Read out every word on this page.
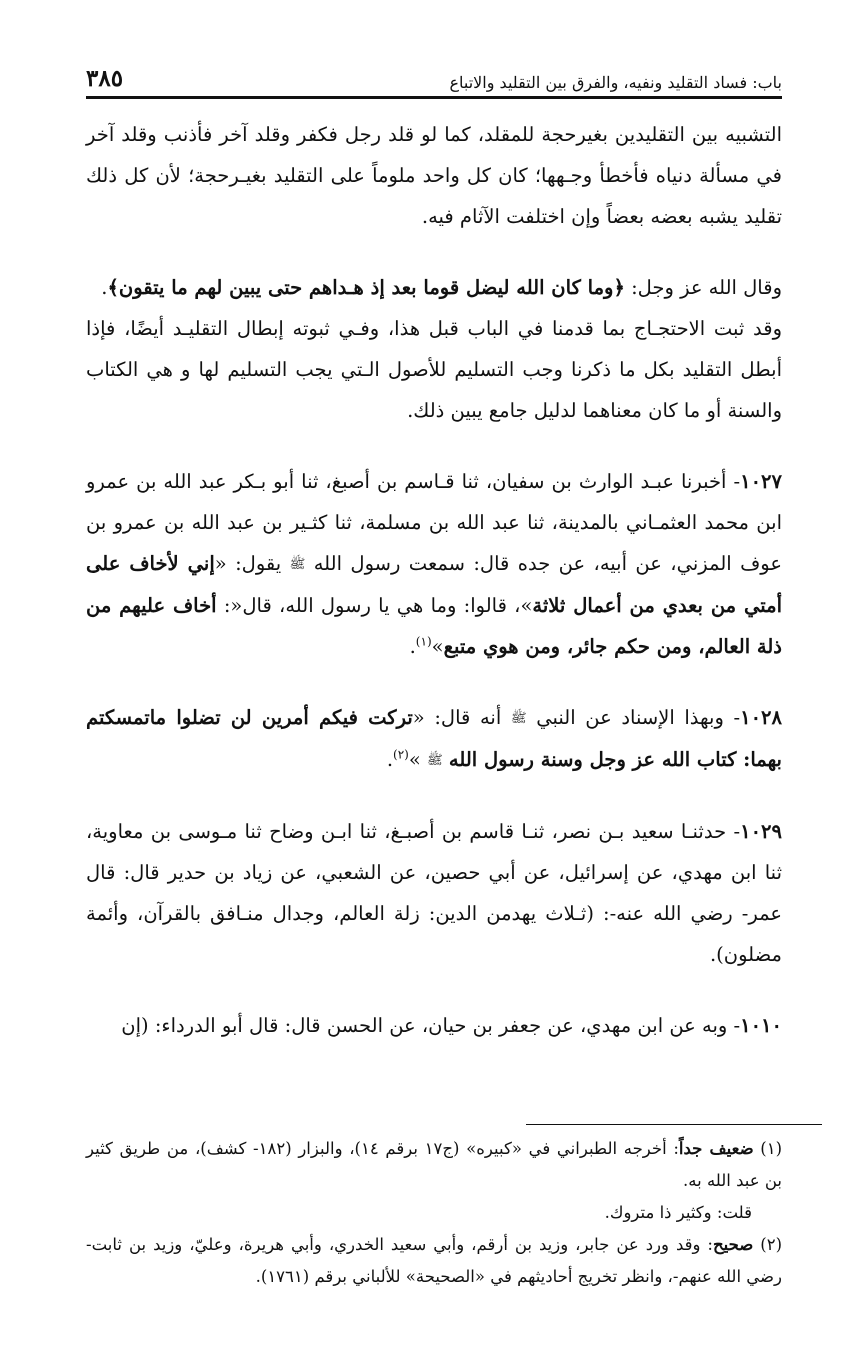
باب: فساد التقليد ونفيه، والفرق بين التقليد والاتباع
٣٨٥

التشبيه بين التقليدين بغيرحجة للمقلد، كما لو قلد رجل فكفر وقلد آخر فأذنب وقلد آخر في مسألة دنياه فأخطأ وجـهها؛ كان كل واحد ملوماً على التقليد بغيـرحجة؛ لأن كل ذلك تقليد يشبه بعضه بعضاً وإن اختلفت الآثام فيه.

وقال الله عز وجل: ﴿وما كان الله ليضل قوما بعد إذ هـداهم حتى يبين لهم ما يتقون﴾.

وقد ثبت الاحتجـاج بما قدمنا في الباب قبل هذا، وفـي ثبوته إبطال التقليـد أيضًا، فإذا أبطل التقليد بكل ما ذكرنا وجب التسليم للأصول الـتي يجب التسليم لها و هي الكتاب والسنة أو ما كان معناهما لدليل جامع يبين ذلك.

١٠٢٧- أخبرنا عبـد الوارث بن سفيان، ثنا قـاسم بن أصبغ، ثنا أبو بـكر عبد الله بن عمرو ابن محمد العثمـاني بالمدينة، ثنا عبد الله بن مسلمة، ثنا كثـير بن عبد الله بن عمرو بن عوف المزني، عن أبيه، عن جده قال: سمعت رسول الله ﷺ يقول: «إني لأخاف على أمتي من بعدي من أعمال ثلاثة»، قالوا: وما هي يا رسول الله، قال«: أخاف عليهم من ذلة العالم، ومن حكم جائر، ومن هوي متبع»$^{(١)}$.

١٠٢٨- وبهذا الإسناد عن النبي ﷺ أنه قال: «تركت فيكم أمرين لن تضلوا ماتمسكتم بهما: كتاب الله عز وجل وسنة رسول الله ﷺ »$^{(٢)}$.

١٠٢٩- حدثنـا سعيد بـن نصر، ثنـا قاسم بن أصبـغ، ثنا ابـن وضاح ثنا مـوسى بن معاوية، ثنا ابن مهدي، عن إسرائيل، عن أبي حصين، عن الشعبي، عن زياد بن حدير قال: قال عمر- رضي الله عنه-: (ثـلاث يهدمن الدين: زلة العالم، وجدال منـافق بالقرآن، وأئمة مضلون).

١٠١٠- وبه عن ابن مهدي، عن جعفر بن حيان، عن الحسن قال: قال أبو الدرداء: (إن

(١) ضعيف جداً: أخرجه الطبراني في «كبيره» (ج١٧ برقم ١٤)، والبزار (١٨٢- كشف)، من طريق كثير بن عبد الله به.

قلت: وكثير ذا متروك.

(٢) صحيح: وقد ورد عن جابر، وزيد بن أرقم، وأبي سعيد الخدري، وأبي هريرة، وعليّ، وزيد بن ثابت- رضي الله عنهم-، وانظر تخريج أحاديثهم في «الصحيحة» للألباني برقم (١٧٦١).
